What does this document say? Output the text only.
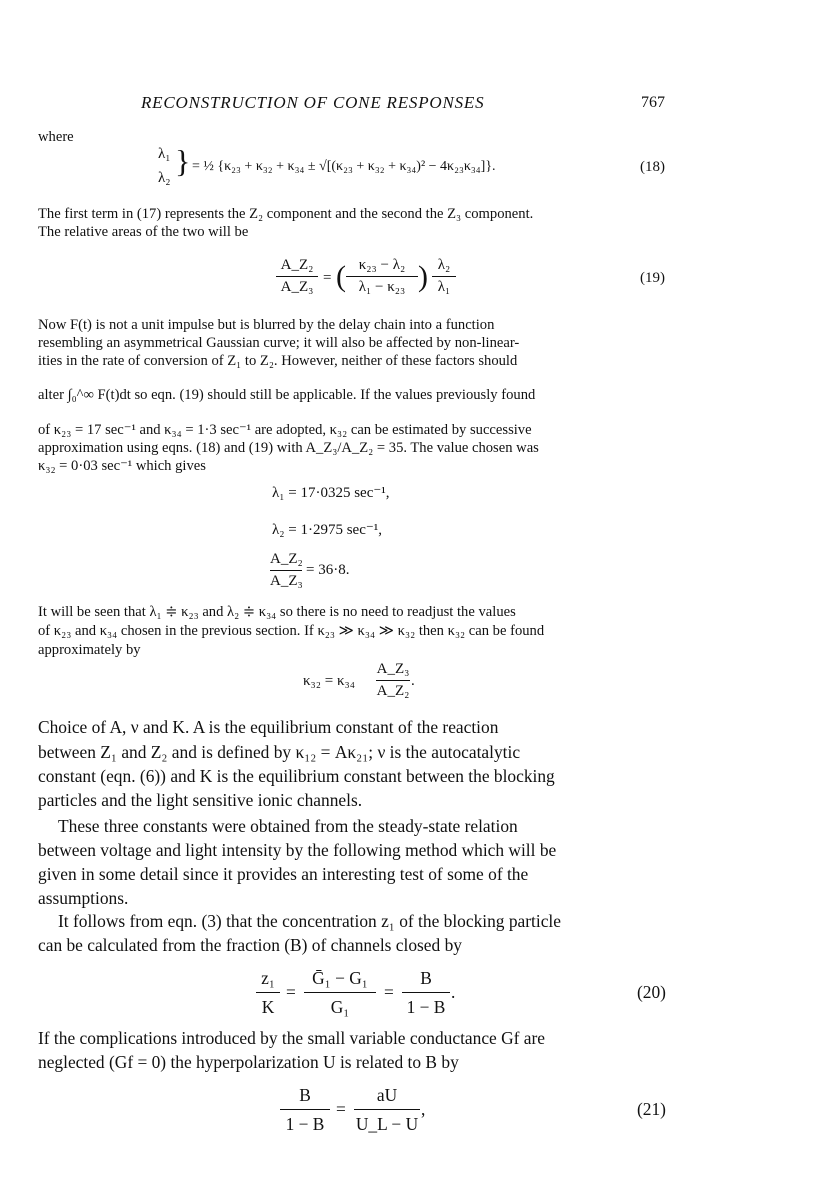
RECONSTRUCTION OF CONE RESPONSES	767
where
λ₁
λ₂ } = ½ {κ₂₃ + κ₃₂ + κ₃₄ ± √[(κ₂₃ + κ₃₂ + κ₃₄)² − 4κ₂₃κ₃₄]}.	(18)
The first term in (17) represents the Z₂ component and the second the Z₃ component.
The relative areas of the two will be
A_Z₂
A_Z₃
= ( κ₂₃ − λ₂
λ₁ − κ₂₃ ) λ₂
λ₁
(19)
Now F(t) is not a unit impulse but is blurred by the delay chain into a function
resembling an asymmetrical Gaussian curve; it will also be affected by non-linear-
ities in the rate of conversion of Z₁ to Z₂. However, neither of these factors should
alter ∫₀^∞ F(t)dt so eqn. (19) should still be applicable. If the values previously found
of κ₂₃ = 17 sec⁻¹ and κ₃₄ = 1·3 sec⁻¹ are adopted, κ₃₂ can be estimated by successive
approximation using eqns. (18) and (19) with A_Z₃/A_Z₂ = 35. The value chosen was
κ₃₂ = 0·03 sec⁻¹ which gives
λ₁ = 17·0325 sec⁻¹,
λ₂ = 1·2975 sec⁻¹,
A_Z₂
A_Z₃
= 36·8.
It will be seen that λ₁ ≑ κ₂₃ and λ₂ ≑ κ₃₄ so there is no need to readjust the values
of κ₂₃ and κ₃₄ chosen in the previous section. If κ₂₃ ≫ κ₃₄ ≫ κ₃₂ then κ₃₂ can be found
approximately by
κ₃₂ = κ₃₄
A_Z₃
A_Z₂
.
Choice of A, ν and K. A is the equilibrium constant of the reaction
between Z₁ and Z₂ and is defined by κ₁₂ = Aκ₂₁; ν is the autocatalytic
constant (eqn. (6)) and K is the equilibrium constant between the blocking
particles and the light sensitive ionic channels.
These three constants were obtained from the steady-state relation
between voltage and light intensity by the following method which will be
given in some detail since it provides an interesting test of some of the
assumptions.
It follows from eqn. (3) that the concentration z₁ of the blocking particle
can be calculated from the fraction (B) of channels closed by
z₁
K
=
Ḡ₁ − G₁
G₁
=
B
1 − B
.	(20)
If the complications introduced by the small variable conductance Gf are
neglected (Gf = 0) the hyperpolarization U is related to B by
B
1 − B
=
aU
U_L − U
,	(21)
